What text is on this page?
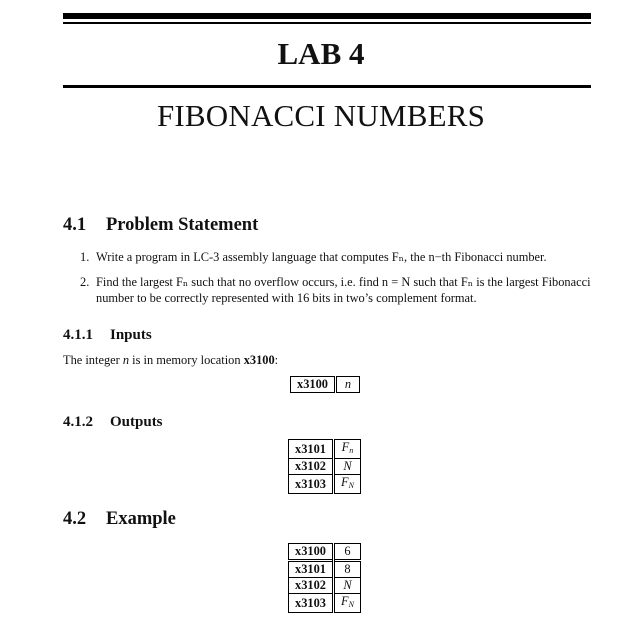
LAB 4
FIBONACCI NUMBERS
4.1 Problem Statement
1. Write a program in LC-3 assembly language that computes Fₙ, the n−th Fibonacci number.
2. Find the largest Fₙ such that no overflow occurs, i.e. find n = N such that Fₙ is the largest Fibonacci number to be correctly represented with 16 bits in two’s complement format.
4.1.1 Inputs
The integer n is in memory location x3100:
x3100	n
4.1.2 Outputs
x3101	$F_n$
x3102	N
x3103	$F_N$
4.2 Example
x3100	6
x3101	8
x3102	N
x3103	$F_N$
